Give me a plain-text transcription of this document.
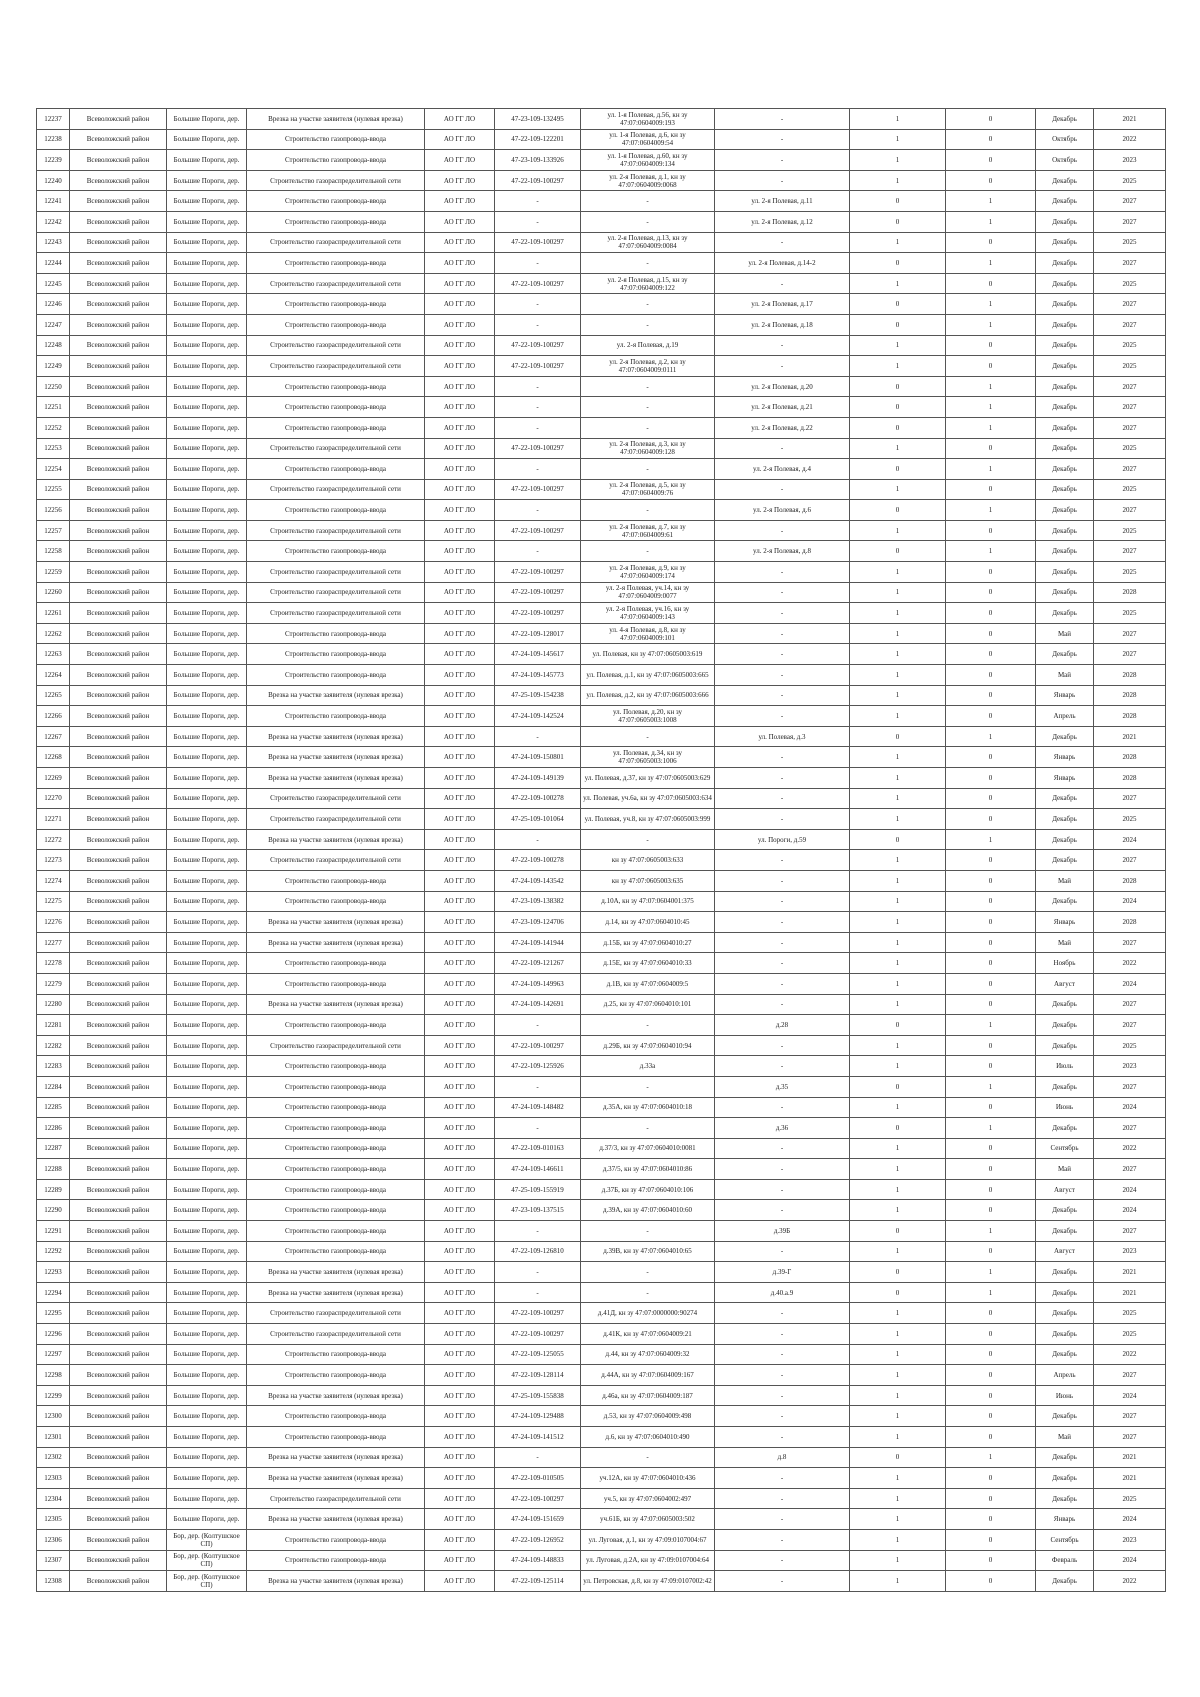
12237	Всеволожский район	Большие Пороги, дер.	Врезка на участке заявителя (нулевая врезка)	АО ГГ ЛО	47-23-109-132495	ул. 1-я Полевая, д.56, кн зу 47:07:0604009:193	-	1	0	Декабрь	2021
12238	Всеволожский район	Большие Пороги, дер.	Строительство газопровода-ввода	АО ГГ ЛО	47-22-109-122201	ул. 1-я Полевая, д.6, кн зу 47:07:0604009:54	-	1	0	Октябрь	2022
12239	Всеволожский район	Большие Пороги, дер.	Строительство газопровода-ввода	АО ГГ ЛО	47-23-109-133926	ул. 1-я Полевая, д.60, кн зу 47:07:0604009:134	-	1	0	Октябрь	2023
12240	Всеволожский район	Большие Пороги, дер.	Строительство газораспределительной сети	АО ГГ ЛО	47-22-109-100297	ул. 2-я Полевая, д.1, кн зу 47:07:0604009:0068	-	1	0	Декабрь	2025
12241	Всеволожский район	Большие Пороги, дер.	Строительство газопровода-ввода	АО ГГ ЛО	-	-	ул. 2-я Полевая, д.11	0	1	Декабрь	2027
12242	Всеволожский район	Большие Пороги, дер.	Строительство газопровода-ввода	АО ГГ ЛО	-	-	ул. 2-я Полевая, д.12	0	1	Декабрь	2027
12243	Всеволожский район	Большие Пороги, дер.	Строительство газораспределительной сети	АО ГГ ЛО	47-22-109-100297	ул. 2-я Полевая, д.13, кн зу 47:07:0604009:0084	-	1	0	Декабрь	2025
12244	Всеволожский район	Большие Пороги, дер.	Строительство газопровода-ввода	АО ГГ ЛО	-	-	ул. 2-я Полевая, д.14-2	0	1	Декабрь	2027
12245	Всеволожский район	Большие Пороги, дер.	Строительство газораспределительной сети	АО ГГ ЛО	47-22-109-100297	ул. 2-я Полевая, д.15, кн зу 47:07:0604009:122	-	1	0	Декабрь	2025
12246	Всеволожский район	Большие Пороги, дер.	Строительство газопровода-ввода	АО ГГ ЛО	-	-	ул. 2-я Полевая, д.17	0	1	Декабрь	2027
12247	Всеволожский район	Большие Пороги, дер.	Строительство газопровода-ввода	АО ГГ ЛО	-	-	ул. 2-я Полевая, д.18	0	1	Декабрь	2027
12248	Всеволожский район	Большие Пороги, дер.	Строительство газораспределительной сети	АО ГГ ЛО	47-22-109-100297	ул. 2-я Полевая, д.19	-	1	0	Декабрь	2025
12249	Всеволожский район	Большие Пороги, дер.	Строительство газораспределительной сети	АО ГГ ЛО	47-22-109-100297	ул. 2-я Полевая, д.2, кн зу 47:07:0604009:0111	-	1	0	Декабрь	2025
12250	Всеволожский район	Большие Пороги, дер.	Строительство газопровода-ввода	АО ГГ ЛО	-	-	ул. 2-я Полевая, д.20	0	1	Декабрь	2027
12251	Всеволожский район	Большие Пороги, дер.	Строительство газопровода-ввода	АО ГГ ЛО	-	-	ул. 2-я Полевая, д.21	0	1	Декабрь	2027
12252	Всеволожский район	Большие Пороги, дер.	Строительство газопровода-ввода	АО ГГ ЛО	-	-	ул. 2-я Полевая, д.22	0	1	Декабрь	2027
12253	Всеволожский район	Большие Пороги, дер.	Строительство газораспределительной сети	АО ГГ ЛО	47-22-109-100297	ул. 2-я Полевая, д.3, кн зу 47:07:0604009:128	-	1	0	Декабрь	2025
12254	Всеволожский район	Большие Пороги, дер.	Строительство газопровода-ввода	АО ГГ ЛО	-	-	ул. 2-я Полевая, д.4	0	1	Декабрь	2027
12255	Всеволожский район	Большие Пороги, дер.	Строительство газораспределительной сети	АО ГГ ЛО	47-22-109-100297	ул. 2-я Полевая, д.5, кн зу 47:07:0604009:76	-	1	0	Декабрь	2025
12256	Всеволожский район	Большие Пороги, дер.	Строительство газопровода-ввода	АО ГГ ЛО	-	-	ул. 2-я Полевая, д.6	0	1	Декабрь	2027
12257	Всеволожский район	Большие Пороги, дер.	Строительство газораспределительной сети	АО ГГ ЛО	47-22-109-100297	ул. 2-я Полевая, д.7, кн зу 47:07:0604009:61	-	1	0	Декабрь	2025
12258	Всеволожский район	Большие Пороги, дер.	Строительство газопровода-ввода	АО ГГ ЛО	-	-	ул. 2-я Полевая, д.8	0	1	Декабрь	2027
12259	Всеволожский район	Большие Пороги, дер.	Строительство газораспределительной сети	АО ГГ ЛО	47-22-109-100297	ул. 2-я Полевая, д.9, кн зу 47:07:0604009:174	-	1	0	Декабрь	2025
12260	Всеволожский район	Большие Пороги, дер.	Строительство газораспределительной сети	АО ГГ ЛО	47-22-109-100297	ул. 2-я Полевая, уч.14, кн зу 47:07:0604009:0077	-	1	0	Декабрь	2028
12261	Всеволожский район	Большие Пороги, дер.	Строительство газораспределительной сети	АО ГГ ЛО	47-22-109-100297	ул. 2-я Полевая, уч.16, кн зу 47:07:0604009:143	-	1	0	Декабрь	2025
12262	Всеволожский район	Большие Пороги, дер.	Строительство газопровода-ввода	АО ГГ ЛО	47-22-109-128017	ул. 4-я Полевая, д.8, кн зу 47:07:0604009:101	-	1	0	Май	2027
12263	Всеволожский район	Большие Пороги, дер.	Строительство газопровода-ввода	АО ГГ ЛО	47-24-109-145617	ул. Полевая, кн зу 47:07:0605003:619	-	1	0	Декабрь	2027
12264	Всеволожский район	Большие Пороги, дер.	Строительство газопровода-ввода	АО ГГ ЛО	47-24-109-145773	ул. Полевая, д.1, кн зу 47:07:0605003:665	-	1	0	Май	2028
12265	Всеволожский район	Большие Пороги, дер.	Врезка на участке заявителя (нулевая врезка)	АО ГГ ЛО	47-25-109-154238	ул. Полевая, д.2, кн зу 47:07:0605003:666	-	1	0	Январь	2028
12266	Всеволожский район	Большие Пороги, дер.	Строительство газопровода-ввода	АО ГГ ЛО	47-24-109-142524	ул. Полевая, д.20, кн зу 47:07:0605003:1008	-	1	0	Апрель	2028
12267	Всеволожский район	Большие Пороги, дер.	Врезка на участке заявителя (нулевая врезка)	АО ГГ ЛО	-	-	ул. Полевая, д.3	0	1	Декабрь	2021
12268	Всеволожский район	Большие Пороги, дер.	Врезка на участке заявителя (нулевая врезка)	АО ГГ ЛО	47-24-109-150801	ул. Полевая, д.34, кн зу 47:07:0605003:1006	-	1	0	Январь	2028
12269	Всеволожский район	Большие Пороги, дер.	Врезка на участке заявителя (нулевая врезка)	АО ГГ ЛО	47-24-109-149139	ул. Полевая, д.37, кн зу 47:07:0605003:629	-	1	0	Январь	2028
12270	Всеволожский район	Большие Пороги, дер.	Строительство газораспределительной сети	АО ГГ ЛО	47-22-109-100278	ул. Полевая, уч.6а, кн зу 47:07:0605003:634	-	1	0	Декабрь	2027
12271	Всеволожский район	Большие Пороги, дер.	Строительство газораспределительной сети	АО ГГ ЛО	47-25-109-101064	ул. Полевая, уч.8, кн зу 47:07:0605003:999	-	1	0	Декабрь	2025
12272	Всеволожский район	Большие Пороги, дер.	Врезка на участке заявителя (нулевая врезка)	АО ГГ ЛО	-	-	ул. Пороги, д.59	0	1	Декабрь	2024
12273	Всеволожский район	Большие Пороги, дер.	Строительство газораспределительной сети	АО ГГ ЛО	47-22-109-100278	кн зу 47:07:0605003:633	-	1	0	Декабрь	2027
12274	Всеволожский район	Большие Пороги, дер.	Строительство газопровода-ввода	АО ГГ ЛО	47-24-109-143542	кн зу 47:07:0605003:635	-	1	0	Май	2028
12275	Всеволожский район	Большие Пороги, дер.	Строительство газопровода-ввода	АО ГГ ЛО	47-23-109-138382	д.10А, кн зу 47:07:0604001:375	-	1	0	Декабрь	2024
12276	Всеволожский район	Большие Пороги, дер.	Врезка на участке заявителя (нулевая врезка)	АО ГГ ЛО	47-23-109-124706	д.14, кн зу 47:07:0604010:45	-	1	0	Январь	2028
12277	Всеволожский район	Большие Пороги, дер.	Врезка на участке заявителя (нулевая врезка)	АО ГГ ЛО	47-24-109-141944	д.15Б, кн зу 47:07:0604010:27	-	1	0	Май	2027
12278	Всеволожский район	Большие Пороги, дер.	Строительство газопровода-ввода	АО ГГ ЛО	47-22-109-121267	д.15Е, кн зу 47:07:0604010:33	-	1	0	Ноябрь	2022
12279	Всеволожский район	Большие Пороги, дер.	Строительство газопровода-ввода	АО ГГ ЛО	47-24-109-149963	д.1В, кн зу 47:07:0604009:5	-	1	0	Август	2024
12280	Всеволожский район	Большие Пороги, дер.	Врезка на участке заявителя (нулевая врезка)	АО ГГ ЛО	47-24-109-142691	д.25, кн зу 47:07:0604010:101	-	1	0	Декабрь	2027
12281	Всеволожский район	Большие Пороги, дер.	Строительство газопровода-ввода	АО ГГ ЛО	-	-	д.28	0	1	Декабрь	2027
12282	Всеволожский район	Большие Пороги, дер.	Строительство газораспределительной сети	АО ГГ ЛО	47-22-109-100297	д.29Б, кн зу 47:07:0604010:94	-	1	0	Декабрь	2025
12283	Всеволожский район	Большие Пороги, дер.	Строительство газопровода-ввода	АО ГГ ЛО	47-22-109-125926	д.33а	-	1	0	Июль	2023
12284	Всеволожский район	Большие Пороги, дер.	Строительство газопровода-ввода	АО ГГ ЛО	-	-	д.35	0	1	Декабрь	2027
12285	Всеволожский район	Большие Пороги, дер.	Строительство газопровода-ввода	АО ГГ ЛО	47-24-109-148482	д.35А, кн зу 47:07:0604010:18	-	1	0	Июнь	2024
12286	Всеволожский район	Большие Пороги, дер.	Строительство газопровода-ввода	АО ГГ ЛО	-	-	д.36	0	1	Декабрь	2027
12287	Всеволожский район	Большие Пороги, дер.	Строительство газопровода-ввода	АО ГГ ЛО	47-22-109-010163	д.37/3, кн зу 47:07:0604010:0081	-	1	0	Сентябрь	2022
12288	Всеволожский район	Большие Пороги, дер.	Строительство газопровода-ввода	АО ГГ ЛО	47-24-109-146611	д.37/5, кн зу 47:07:0604010:86	-	1	0	Май	2027
12289	Всеволожский район	Большие Пороги, дер.	Строительство газопровода-ввода	АО ГГ ЛО	47-25-109-155919	д.37Б, кн зу 47:07:0604010:106	-	1	0	Август	2024
12290	Всеволожский район	Большие Пороги, дер.	Строительство газопровода-ввода	АО ГГ ЛО	47-23-109-137515	д.39А, кн зу 47:07:0604010:60	-	1	0	Декабрь	2024
12291	Всеволожский район	Большие Пороги, дер.	Строительство газопровода-ввода	АО ГГ ЛО	-	-	д.39Б	0	1	Декабрь	2027
12292	Всеволожский район	Большие Пороги, дер.	Строительство газопровода-ввода	АО ГГ ЛО	47-22-109-126810	д.39В, кн зу 47:07:0604010:65	-	1	0	Август	2023
12293	Всеволожский район	Большие Пороги, дер.	Врезка на участке заявителя (нулевая врезка)	АО ГГ ЛО	-	-	д.39-Г	0	1	Декабрь	2021
12294	Всеволожский район	Большие Пороги, дер.	Врезка на участке заявителя (нулевая врезка)	АО ГГ ЛО	-	-	д.40.а.9	0	1	Декабрь	2021
12295	Всеволожский район	Большие Пороги, дер.	Строительство газораспределительной сети	АО ГГ ЛО	47-22-109-100297	д.41Д, кн зу 47:07:0000000:90274	-	1	0	Декабрь	2025
12296	Всеволожский район	Большие Пороги, дер.	Строительство газораспределительной сети	АО ГГ ЛО	47-22-109-100297	д.41К, кн зу 47:07:0604009:21	-	1	0	Декабрь	2025
12297	Всеволожский район	Большие Пороги, дер.	Строительство газопровода-ввода	АО ГГ ЛО	47-22-109-125055	д.44, кн зу 47:07:0604009:32	-	1	0	Декабрь	2022
12298	Всеволожский район	Большие Пороги, дер.	Строительство газопровода-ввода	АО ГГ ЛО	47-22-109-128114	д.44А, кн зу 47:07:0604009:167	-	1	0	Апрель	2027
12299	Всеволожский район	Большие Пороги, дер.	Врезка на участке заявителя (нулевая врезка)	АО ГГ ЛО	47-25-109-155838	д.46а, кн зу 47:07:0604009:187	-	1	0	Июнь	2024
12300	Всеволожский район	Большие Пороги, дер.	Строительство газопровода-ввода	АО ГГ ЛО	47-24-109-129488	д.53, кн зу 47:07:0604009:498	-	1	0	Декабрь	2027
12301	Всеволожский район	Большие Пороги, дер.	Строительство газопровода-ввода	АО ГГ ЛО	47-24-109-141512	д.6, кн зу 47:07:0604010:490	-	1	0	Май	2027
12302	Всеволожский район	Большие Пороги, дер.	Врезка на участке заявителя (нулевая врезка)	АО ГГ ЛО	-	-	д.8	0	1	Декабрь	2021
12303	Всеволожский район	Большие Пороги, дер.	Врезка на участке заявителя (нулевая врезка)	АО ГГ ЛО	47-22-109-010505	уч.12А, кн зу 47:07:0604010:436	-	1	0	Декабрь	2021
12304	Всеволожский район	Большие Пороги, дер.	Строительство газораспределительной сети	АО ГГ ЛО	47-22-109-100297	уч.5, кн зу 47:07:0604002:497	-	1	0	Декабрь	2025
12305	Всеволожский район	Большие Пороги, дер.	Врезка на участке заявителя (нулевая врезка)	АО ГГ ЛО	47-24-109-151659	уч.61Б, кн зу 47:07:0605003:502	-	1	0	Январь	2024
12306	Всеволожский район	Бор, дер. (Колтушское СП)	Строительство газопровода-ввода	АО ГГ ЛО	47-22-109-126952	ул. Луговая, д.1, кн зу 47:09:0107004:67	-	1	0	Сентябрь	2023
12307	Всеволожский район	Бор, дер. (Колтушское СП)	Строительство газопровода-ввода	АО ГГ ЛО	47-24-109-148833	ул. Луговая, д.2А, кн зу 47:09:0107004:64	-	1	0	Февраль	2024
12308	Всеволожский район	Бор, дер. (Колтушское СП)	Врезка на участке заявителя (нулевая врезка)	АО ГГ ЛО	47-22-109-125114	ул. Петровская, д.8, кн зу 47:09:0107002:42	-	1	0	Декабрь	2022
